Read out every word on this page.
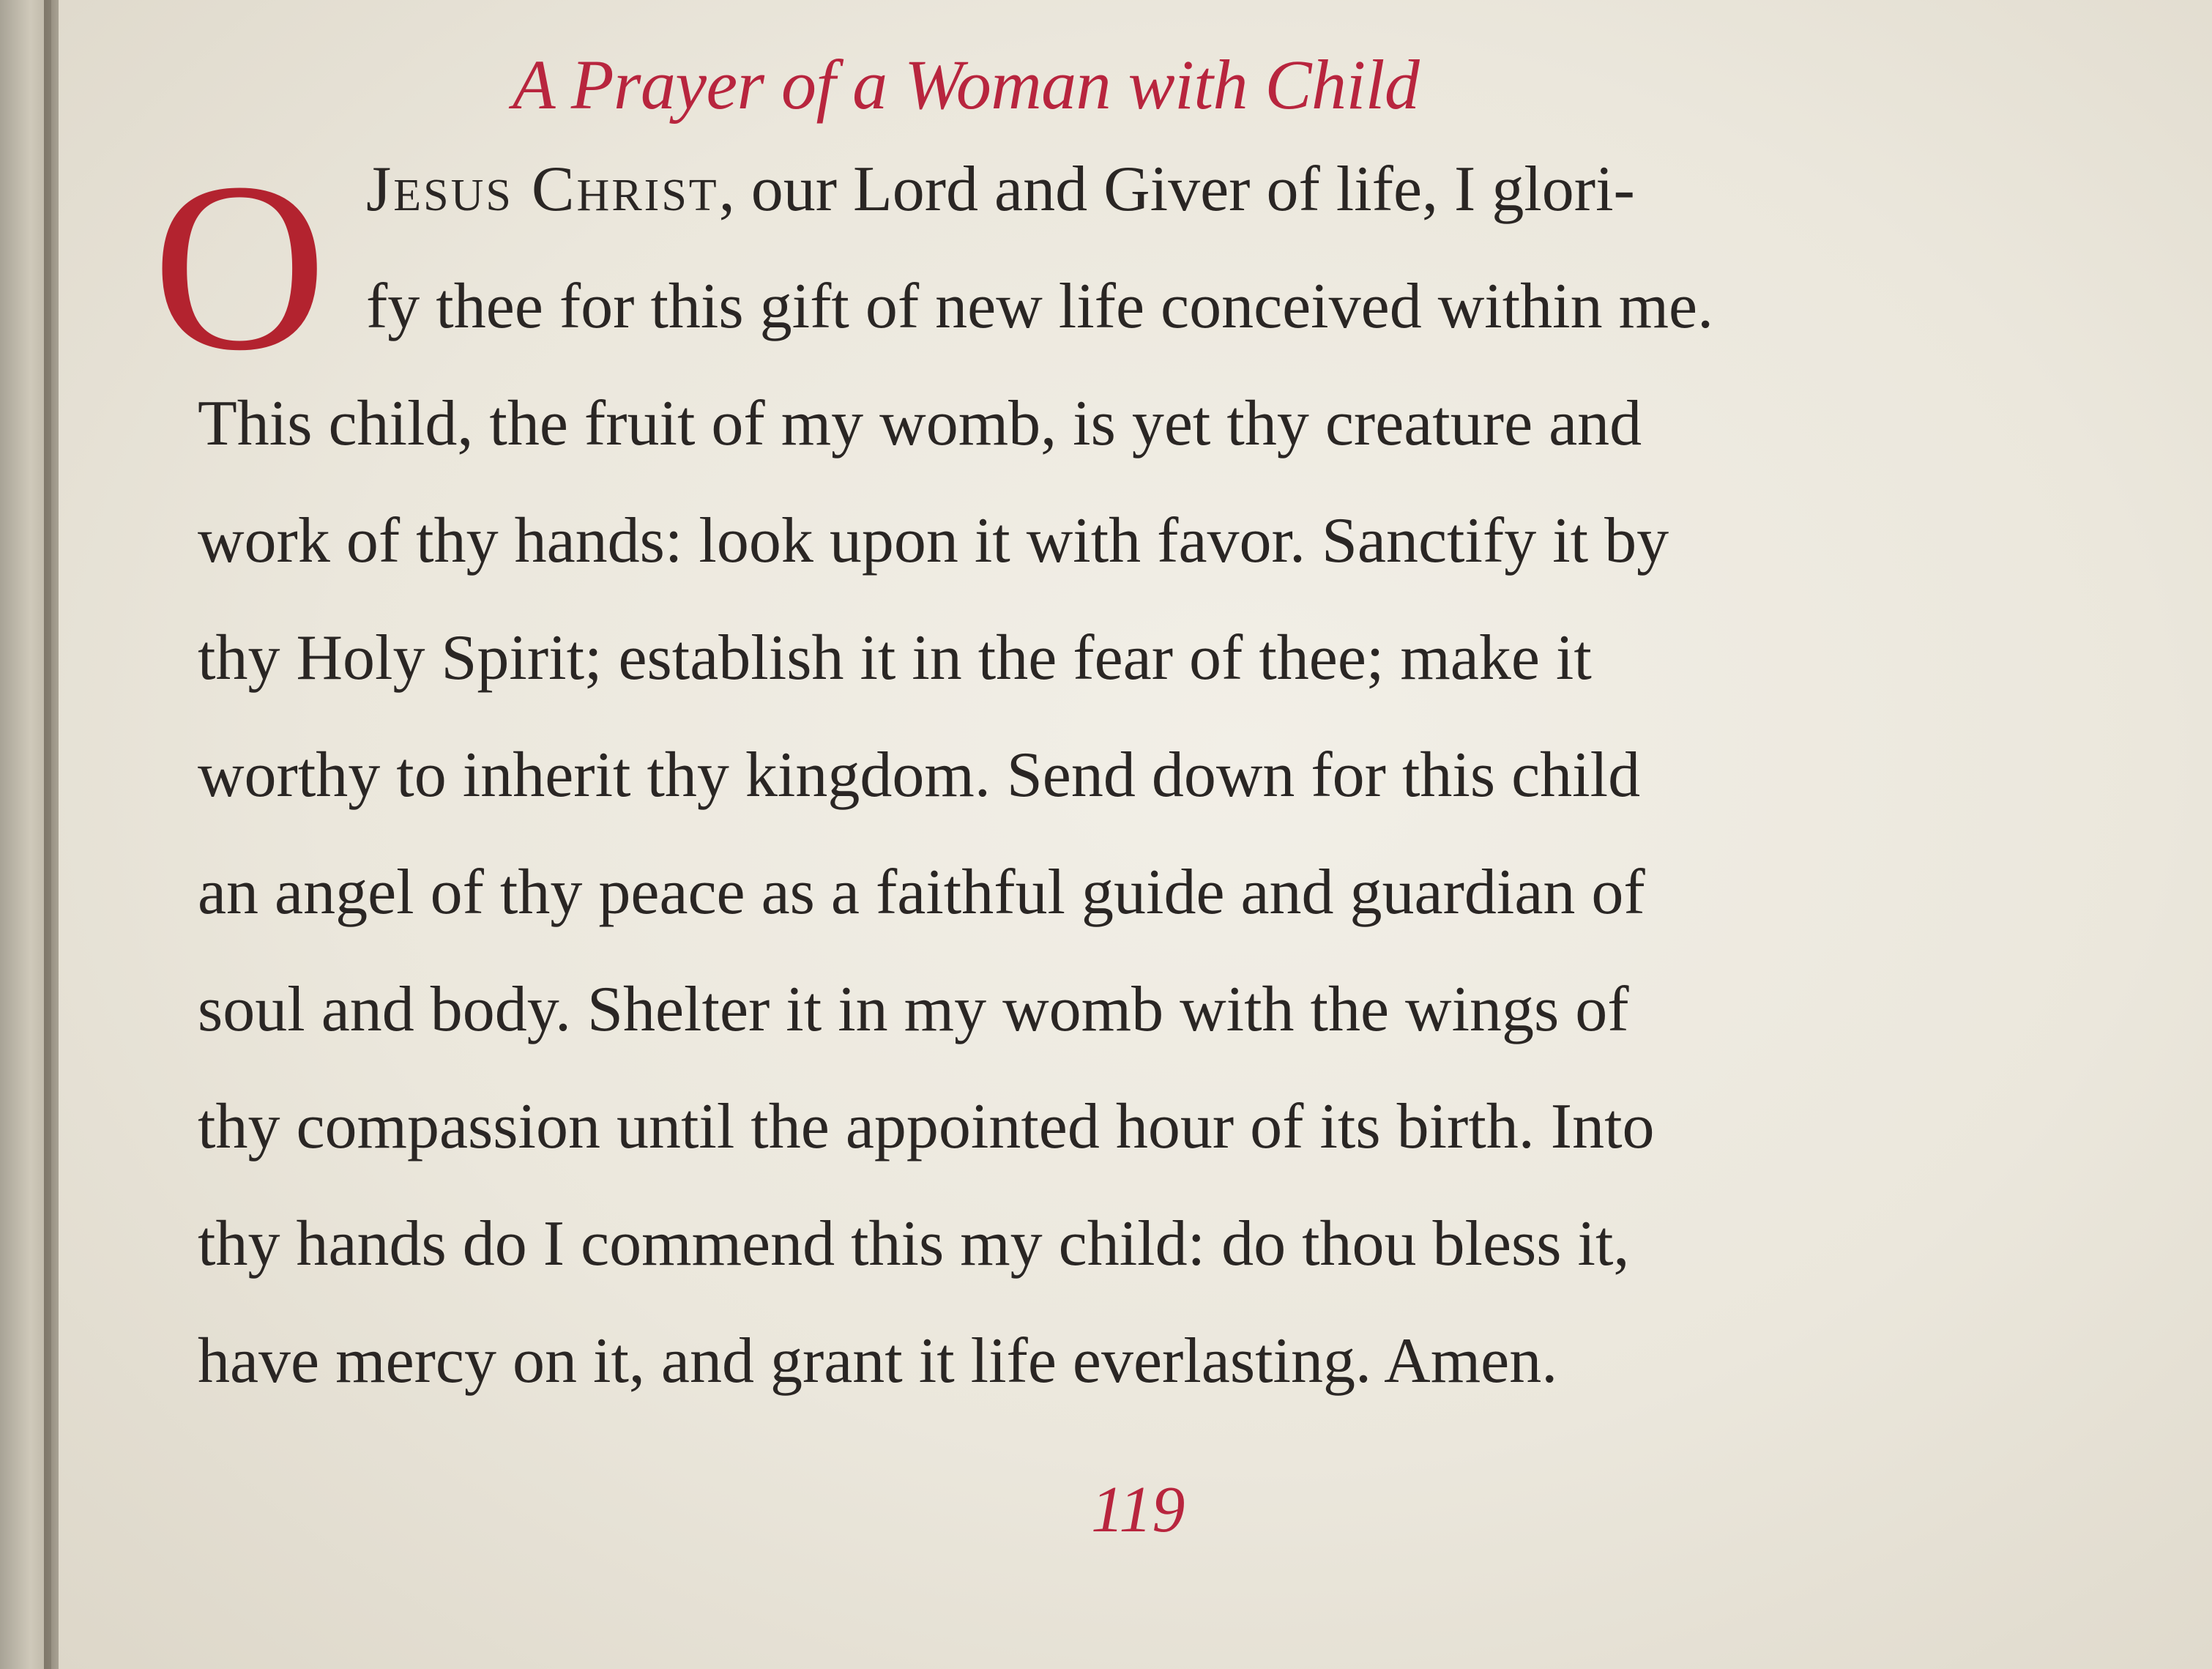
A Prayer of a Woman with Child
O Jesus Christ, our Lord and Giver of life, I glori-
fy thee for this gift of new life conceived within me.
This child, the fruit of my womb, is yet thy creature and
work of thy hands: look upon it with favor. Sanctify it by
thy Holy Spirit; establish it in the fear of thee; make it
worthy to inherit thy kingdom. Send down for this child
an angel of thy peace as a faithful guide and guardian of
soul and body. Shelter it in my womb with the wings of
thy compassion until the appointed hour of its birth. Into
thy hands do I commend this my child: do thou bless it,
have mercy on it, and grant it life everlasting. Amen.
119
